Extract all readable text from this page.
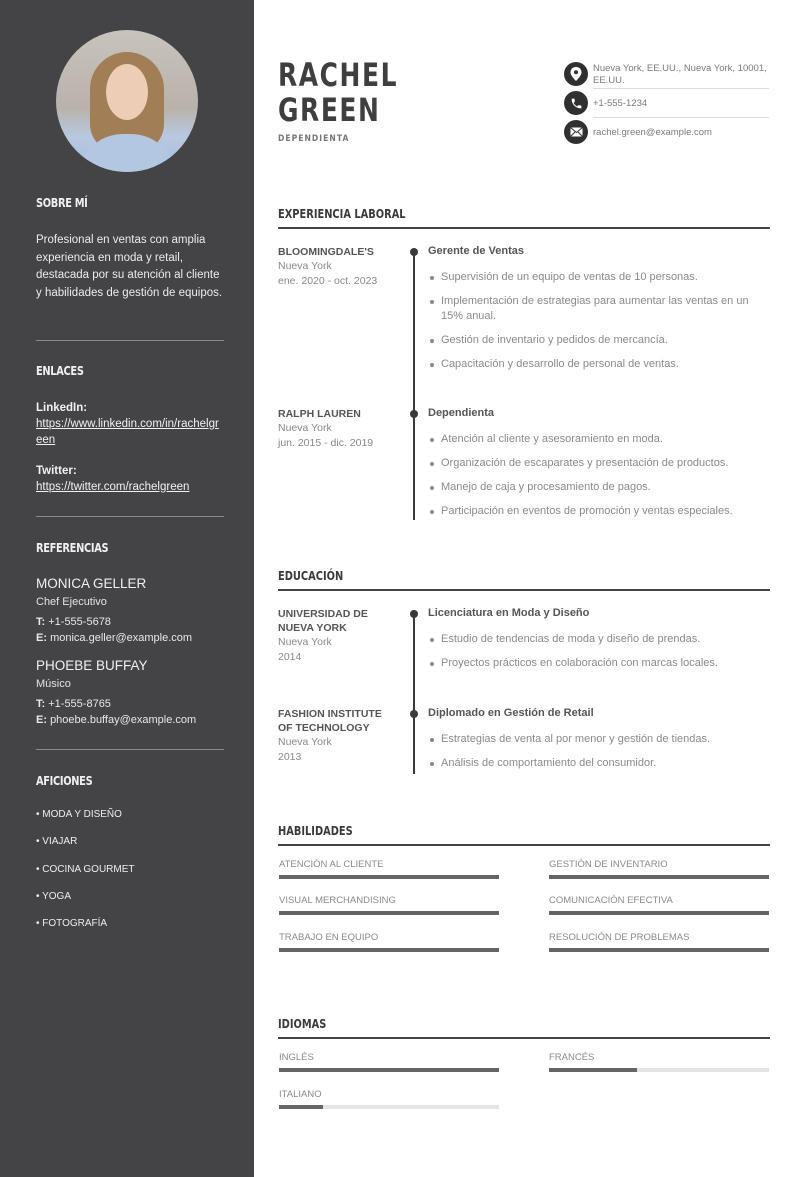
SOBRE MÍ

Profesional en ventas con amplia experiencia en moda y retail, destacada por su atención al cliente y habilidades de gestión de equipos.

ENLACES
LinkedIn:
https://www.linkedin.com/in/rachelgreen
Twitter:
https://twitter.com/rachelgreen
REFERENCIAS
MONICA GELLER
Chef Ejecutivo
T: +1-555-5678
E: monica.geller@example.com
PHOEBE BUFFAY
Músico
T: +1-555-8765
E: phoebe.buffay@example.com
AFICIONES
• MODA Y DISEÑO
• VIAJAR
• COCINA GOURMET
• YOGA
• FOTOGRAFÍA
RACHEL
GREEN
DEPENDIENTA
Nueva York, EE.UU., Nueva York, 10001, EE.UU.
+1-555-1234
rachel.green@example.com
EXPERIENCIA LABORAL
BLOOMINGDALE'S
Nueva York
ene. 2020 - oct. 2023
Gerente de Ventas
Supervisión de un equipo de ventas de 10 personas.
Implementación de estrategias para aumentar las ventas en un 15% anual.
Gestión de inventario y pedidos de mercancía.
Capacitación y desarrollo de personal de ventas.
RALPH LAUREN
Nueva York
jun. 2015 - dic. 2019
Dependienta
Atención al cliente y asesoramiento en moda.
Organización de escaparates y presentación de productos.
Manejo de caja y procesamiento de pagos.
Participación en eventos de promoción y ventas especiales.
EDUCACIÓN
UNIVERSIDAD DE NUEVA YORK
Nueva York
2014
Licenciatura en Moda y Diseño
Estudio de tendencias de moda y diseño de prendas.
Proyectos prácticos en colaboración con marcas locales.
FASHION INSTITUTE OF TECHNOLOGY
Nueva York
2013
Diplomado en Gestión de Retail
Estrategias de venta al por menor y gestión de tiendas.
Análisis de comportamiento del consumidor.
HABILIDADES
ATENCIÓN AL CLIENTE	GESTIÓN DE INVENTARIO
VISUAL MERCHANDISING	COMUNICACIÓN EFECTIVA
TRABAJO EN EQUIPO	RESOLUCIÓN DE PROBLEMAS
IDIOMAS
INGLÉS	FRANCÉS
ITALIANO
